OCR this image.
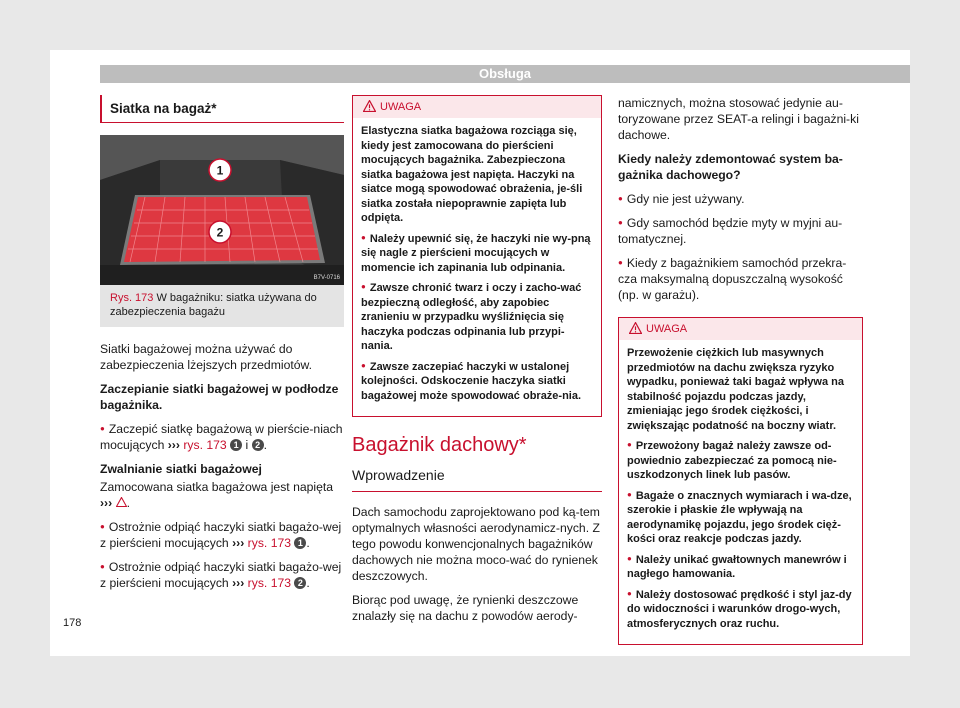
Obsługa
Siatka na bagaż*
1
2
B7V-0716
Rys. 173 W bagażniku: siatka używana do zabezpieczenia bagażu

Siatki bagażowej można używać do zabezpieczenia lżejszych przedmiotów.

Zaczepianie siatki bagażowej w podłodze bagażnika.

● Zaczepić siatkę bagażową w pierście-niach mocujących ››› rys. 173 1 i 2 .

Zwalnianie siatki bagażowej

Zamocowana siatka bagażowa jest napięta ››› .

● Ostrożnie odpiąć haczyki siatki bagażo-wej z pierścieni mocujących ››› rys. 173 1 .

● Ostrożnie odpiąć haczyki siatki bagażo-wej z pierścieni mocujących ››› rys. 173 2 .

UWAGA

Elastyczna siatka bagażowa rozciąga się, kiedy jest zamocowana do pierścieni mocujących bagażnika. Zabezpieczona siatka bagażowa jest napięta. Haczyki na siatce mogą spowodować obrażenia, je-śli siatka została niepoprawnie zapięta lub odpięta.

● Należy upewnić się, że haczyki nie wy-pną się nagle z pierścieni mocujących w momencie ich zapinania lub odpinania.

● Zawsze chronić twarz i oczy i zacho-wać bezpieczną odległość, aby zapobiec zranieniu w przypadku wyśliźnięcia się haczyka podczas odpinania lub przypi-nania.

● Zawsze zaczepiać haczyki w ustalonej kolejności. Odskoczenie haczyka siatki bagażowej może spowodować obraże-nia.

Bagażnik dachowy*
Wprowadzenie

Dach samochodu zaprojektowano pod ką-tem optymalnych własności aerodynamicz-nych. Z tego powodu konwencjonalnych bagażników dachowych nie można moco-wać do rynienek deszczowych.

Biorąc pod uwagę, że rynienki deszczowe znalazły się na dachu z powodów aerody-

namicznych, można stosować jedynie au-toryzowane przez SEAT-a relingi i bagażni-ki dachowe.

Kiedy należy zdemontować system ba-gażnika dachowego?

● Gdy nie jest używany.

● Gdy samochód będzie myty w myjni au-tomatycznej.

● Kiedy z bagażnikiem samochód przekra-cza maksymalną dopuszczalną wysokość (np. w garażu).

UWAGA

Przewożenie ciężkich lub masywnych przedmiotów na dachu zwiększa ryzyko wypadku, ponieważ taki bagaż wpływa na stabilność pojazdu podczas jazdy, zmieniając jego środek ciężkości, i zwiększając podatność na boczny wiatr.

● Przewożony bagaż należy zawsze od-powiednio zabezpieczać za pomocą nie-uszkodzonych linek lub pasów.

● Bagaże o znacznych wymiarach i wa-dze, szerokie i płaskie źle wpływają na aerodynamikę pojazdu, jego środek cięż-kości oraz reakcje podczas jazdy.

● Należy unikać gwałtownych manewrów i nagłego hamowania.

● Należy dostosować prędkość i styl jaz-dy do widoczności i warunków drogo-wych, atmosferycznych oraz ruchu.

178
